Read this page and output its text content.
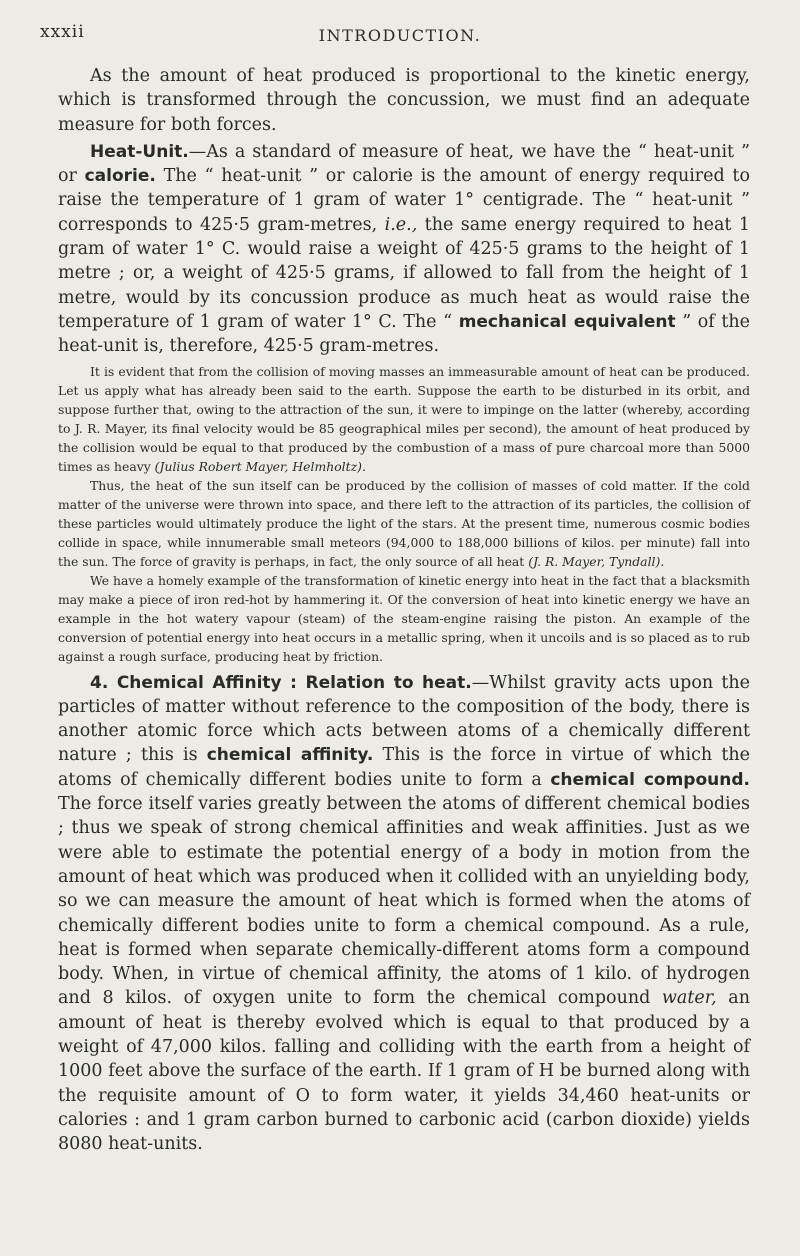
xxxii	INTRODUCTION.

As the amount of heat produced is proportional to the kinetic energy, which is transformed through the concussion, we must find an adequate measure for both forces.

Heat-Unit.—As a standard of measure of heat, we have the “ heat-unit ” or calorie. The “ heat-unit ” or calorie is the amount of energy required to raise the temperature of 1 gram of water 1° centigrade. The “ heat-unit ” corresponds to 425·5 gram-metres, i.e., the same energy required to heat 1 gram of water 1° C. would raise a weight of 425·5 grams to the height of 1 metre ; or, a weight of 425·5 grams, if allowed to fall from the height of 1 metre, would by its concussion produce as much heat as would raise the temperature of 1 gram of water 1° C. The “ mechanical equivalent ” of the heat-unit is, therefore, 425·5 gram-metres.

It is evident that from the collision of moving masses an immeasurable amount of heat can be produced. Let us apply what has already been said to the earth. Suppose the earth to be disturbed in its orbit, and suppose further that, owing to the attraction of the sun, it were to impinge on the latter (whereby, according to J. R. Mayer, its final velocity would be 85 geographical miles per second), the amount of heat produced by the collision would be equal to that produced by the combustion of a mass of pure charcoal more than 5000 times as heavy (Julius Robert Mayer, Helmholtz).

Thus, the heat of the sun itself can be produced by the collision of masses of cold matter. If the cold matter of the universe were thrown into space, and there left to the attraction of its particles, the collision of these particles would ultimately produce the light of the stars. At the present time, numerous cosmic bodies collide in space, while innumerable small meteors (94,000 to 188,000 billions of kilos. per minute) fall into the sun. The force of gravity is perhaps, in fact, the only source of all heat (J. R. Mayer, Tyndall).

We have a homely example of the transformation of kinetic energy into heat in the fact that a blacksmith may make a piece of iron red-hot by hammering it. Of the conversion of heat into kinetic energy we have an example in the hot watery vapour (steam) of the steam-engine raising the piston. An example of the conversion of potential energy into heat occurs in a metallic spring, when it uncoils and is so placed as to rub against a rough surface, producing heat by friction.

4. Chemical Affinity : Relation to heat.—Whilst gravity acts upon the particles of matter without reference to the composition of the body, there is another atomic force which acts between atoms of a chemically different nature ; this is chemical affinity. This is the force in virtue of which the atoms of chemically different bodies unite to form a chemical compound. The force itself varies greatly between the atoms of different chemical bodies ; thus we speak of strong chemical affinities and weak affinities. Just as we were able to estimate the potential energy of a body in motion from the amount of heat which was produced when it collided with an unyielding body, so we can measure the amount of heat which is formed when the atoms of chemically different bodies unite to form a chemical compound. As a rule, heat is formed when separate chemically-different atoms form a compound body. When, in virtue of chemical affinity, the atoms of 1 kilo. of hydrogen and 8 kilos. of oxygen unite to form the chemical compound water, an amount of heat is thereby evolved which is equal to that produced by a weight of 47,000 kilos. falling and colliding with the earth from a height of 1000 feet above the surface of the earth. If 1 gram of H be burned along with the requisite amount of O to form water, it yields 34,460 heat-units or calories : and 1 gram carbon burned to carbonic acid (carbon dioxide) yields 8080 heat-units.
